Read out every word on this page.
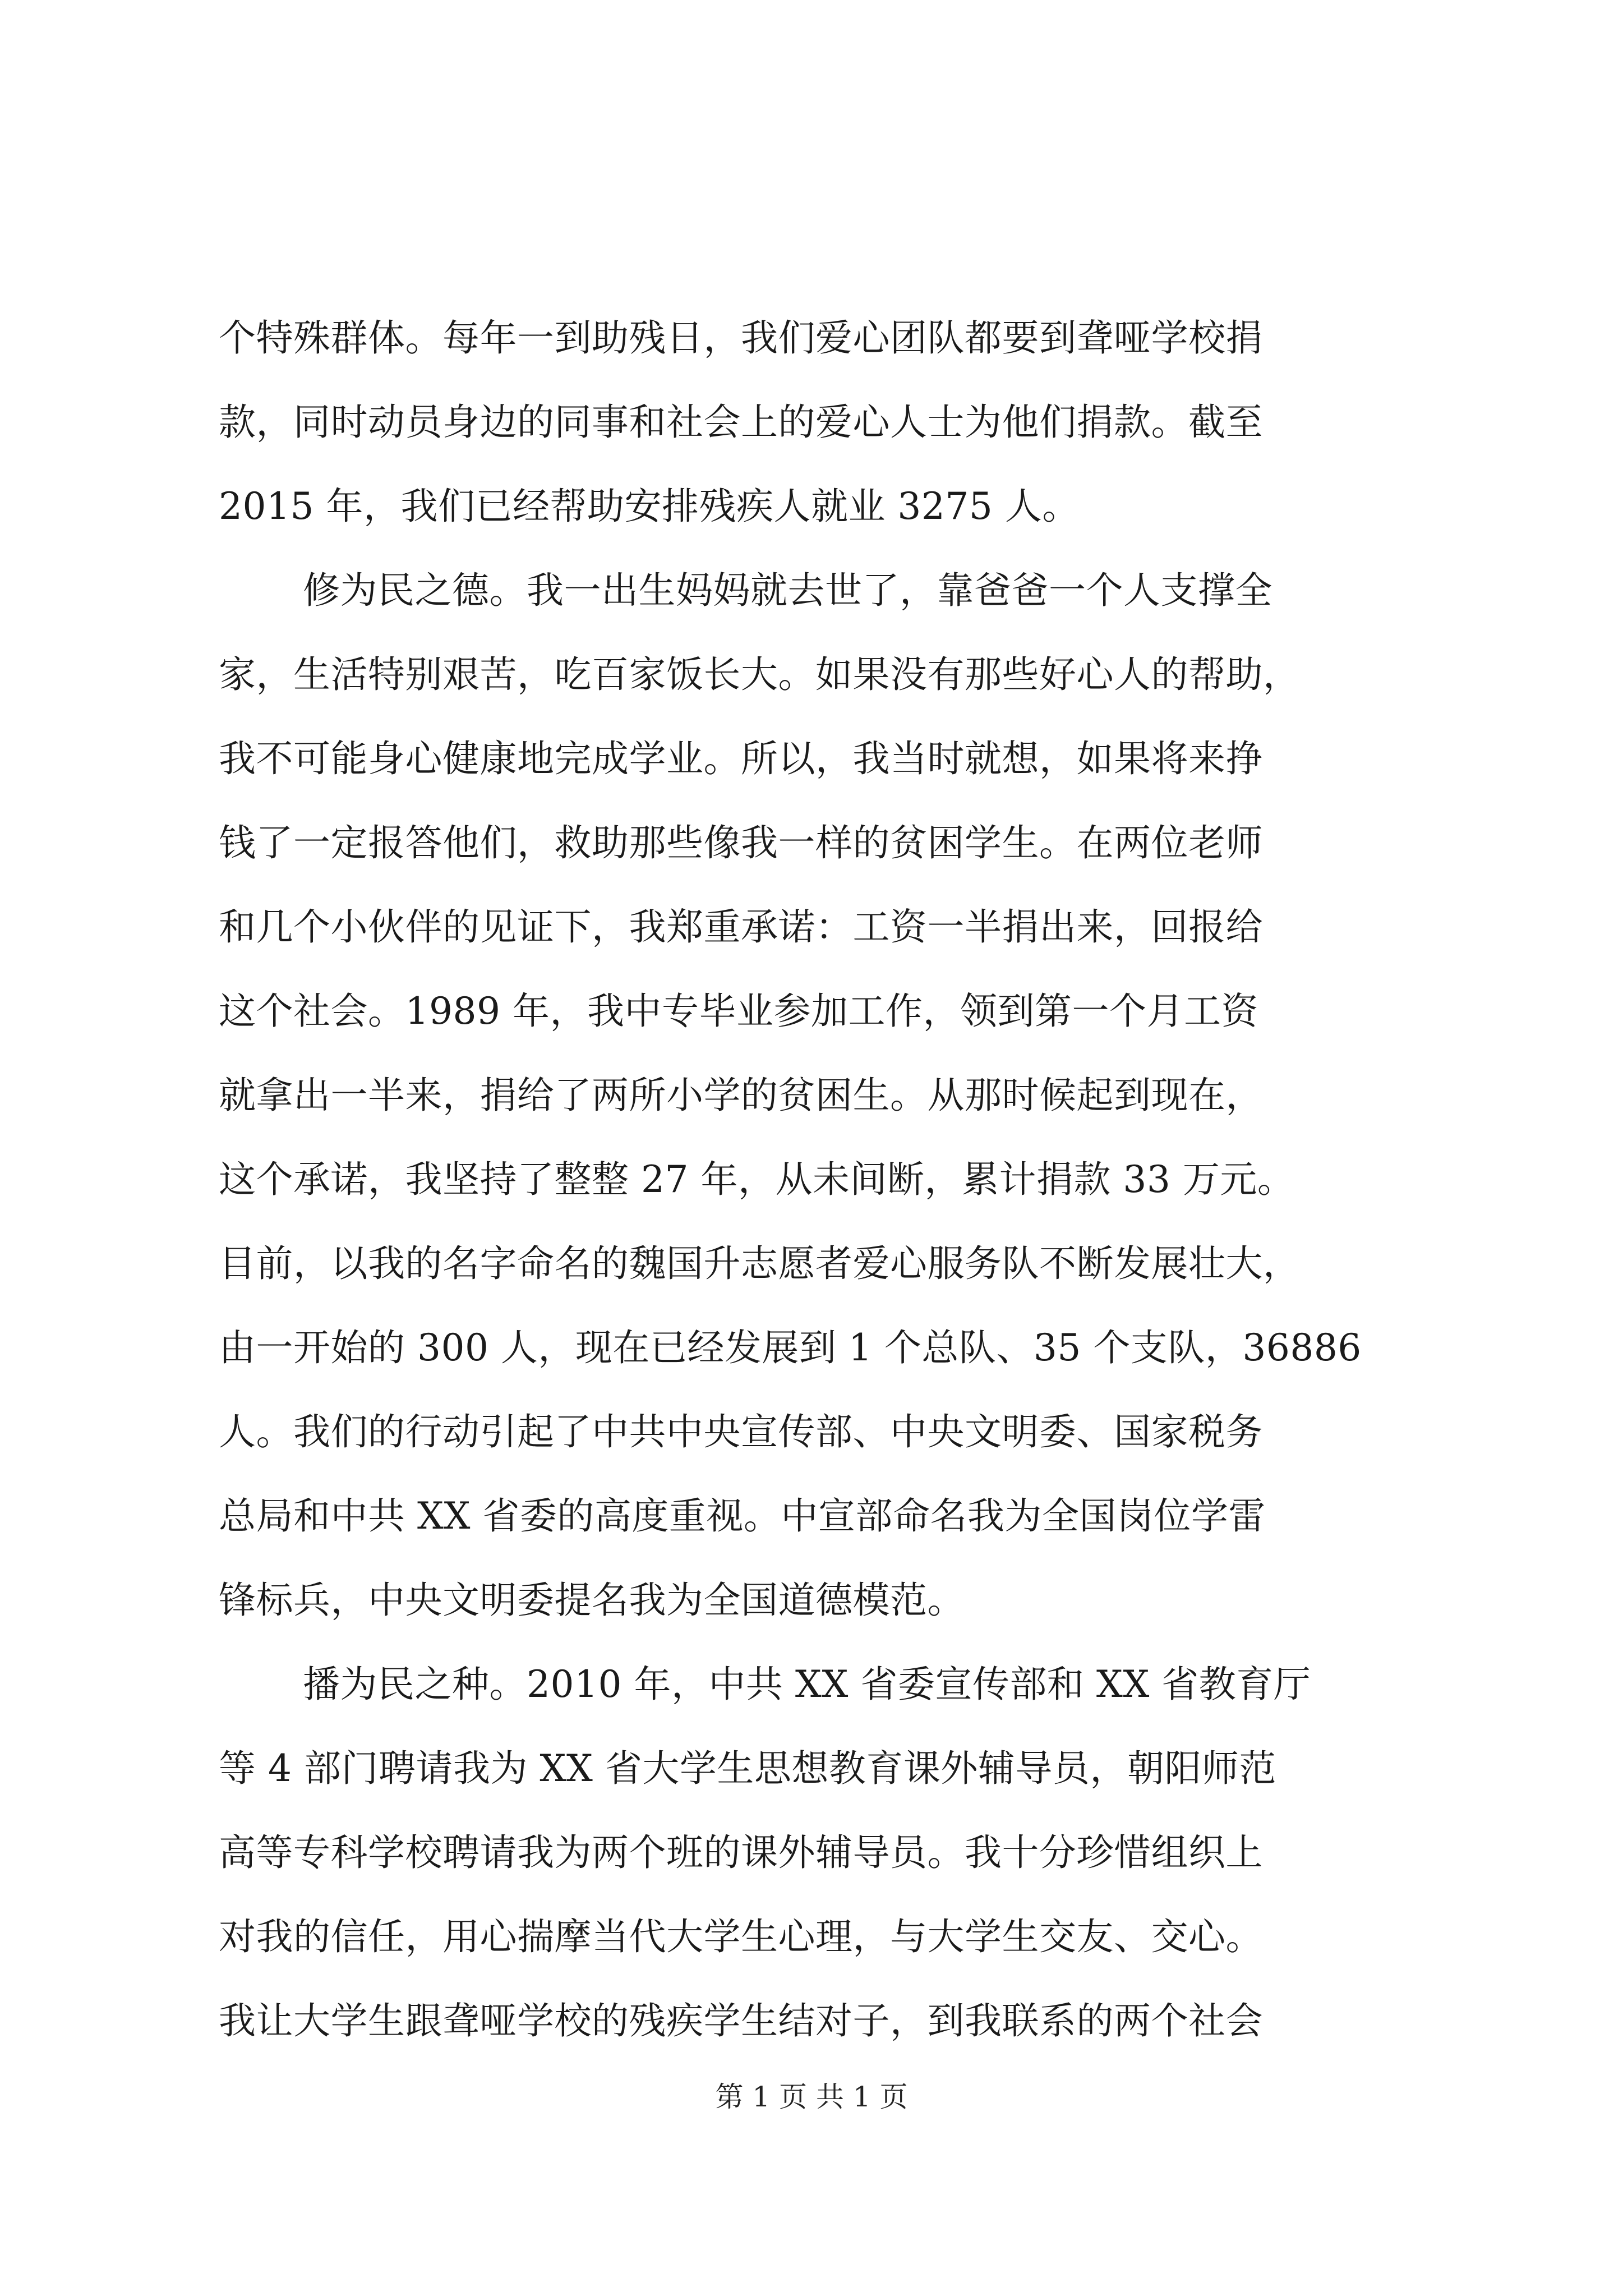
个特殊群体。每年一到助残日，我们爱心团队都要到聋哑学校捐
款，同时动员身边的同事和社会上的爱心人士为他们捐款。截至
2015 年，我们已经帮助安排残疾人就业 3275 人。
修为民之德。我一出生妈妈就去世了，靠爸爸一个人支撑全
家，生活特别艰苦，吃百家饭长大。如果没有那些好心人的帮助，
我不可能身心健康地完成学业。所以，我当时就想，如果将来挣
钱了一定报答他们，救助那些像我一样的贫困学生。在两位老师
和几个小伙伴的见证下，我郑重承诺：工资一半捐出来，回报给
这个社会。1989 年，我中专毕业参加工作，领到第一个月工资
就拿出一半来，捐给了两所小学的贫困生。从那时候起到现在，
这个承诺，我坚持了整整 27 年，从未间断，累计捐款 33 万元。
目前，以我的名字命名的魏国升志愿者爱心服务队不断发展壮大，
由一开始的 300 人，现在已经发展到 1 个总队、35 个支队，36886
人。我们的行动引起了中共中央宣传部、中央文明委、国家税务
总局和中共 XX 省委的高度重视。中宣部命名我为全国岗位学雷
锋标兵，中央文明委提名我为全国道德模范。
播为民之种。2010 年，中共 XX 省委宣传部和 XX 省教育厅
等 4 部门聘请我为 XX 省大学生思想教育课外辅导员，朝阳师范
高等专科学校聘请我为两个班的课外辅导员。我十分珍惜组织上
对我的信任，用心揣摩当代大学生心理，与大学生交友、交心。
我让大学生跟聋哑学校的残疾学生结对子，到我联系的两个社会
第 1 页 共 1 页
